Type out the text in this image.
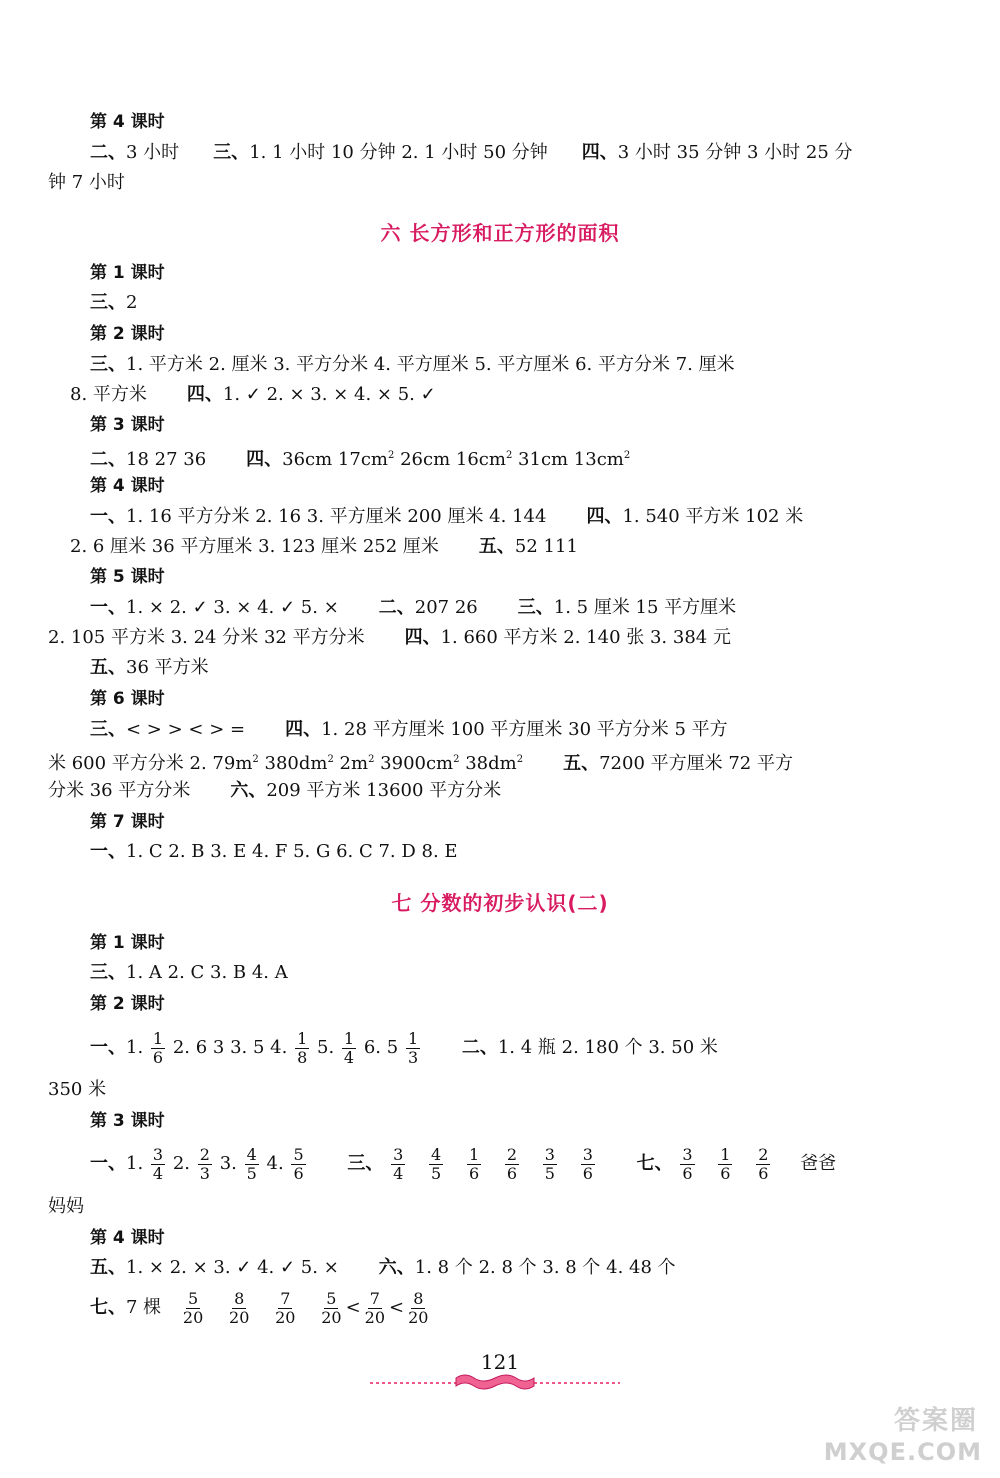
第 4 课时
二、3 小时 三、1. 1 小时 10 分钟 2. 1 小时 50 分钟 四、3 小时 35 分钟 3 小时 25 分
钟 7 小时
六 长方形和正方形的面积
第 1 课时
三、2
第 2 课时
三、1. 平方米 2. 厘米 3. 平方分米 4. 平方厘米 5. 平方厘米 6. 平方分米 7. 厘米
8. 平方米 四、1. ✓ 2. × 3. × 4. × 5. ✓
第 3 课时
二、18 27 36 四、36cm $17cm^2$ 26cm $16cm^2$ 31cm $13cm^2$
第 4 课时
一、1. 16 平方分米 2. 16 3. 平方厘米 200 厘米 4. 144 四、1. 540 平方米 102 米
2. 6 厘米 36 平方厘米 3. 123 厘米 252 厘米 五、52 111
第 5 课时
一、1. × 2. ✓ 3. × 4. ✓ 5. × 二、207 26 三、1. 5 厘米 15 平方厘米
2. 105 平方米 3. 24 分米 32 平方分米 四、1. 660 平方米 2. 140 张 3. 384 元
五、36 平方米
第 6 课时
三、< > > < > = 四、1. 28 平方厘米 100 平方厘米 30 平方分米 5 平方
米 600 平方分米 2. $79m^2$ $380dm^2$ $2m^2$ $3900cm^2$ $38dm^2$ 五、7200 平方厘米 72 平方
分米 36 平方分米 六、209 平方米 13600 平方分米
第 7 课时
一、1. C 2. B 3. E 4. F 5. G 6. C 7. D 8. E
七 分数的初步认识(二)
第 1 课时
三、1. A 2. C 3. B 4. A
第 2 课时
一、1. $\frac{1}{6} 2$. 6 3 3. 5 4. $\frac{1}{8} 5$. $\frac{1}{4} 6$. $5 \frac{1}{3}$ 二、1. 4 瓶 2. 180 个 3. 50 米
350 米
第 3 课时
一、1. $\frac{3}{4} 2$. $\frac{2}{3} 3$. $\frac{4}{5} 4$. $\frac{5}{6}$ 三、 $\frac{3}{4}$
$\frac{4}{5}$
$\frac{1}{6}$
$\frac{2}{6}$
$\frac{3}{5}$
$\frac{3}{6}$ 七、 $\frac{3}{6}$
$\frac{1}{6}$
$\frac{2}{6}$ 爸爸
妈妈
第 4 课时
五、1. × 2. × 3. ✓ 4. ✓ 5. × 六、1. 8 个 2. 8 个 3. 8 个 4. 48 个
七、7 棵 $\frac{5}{20}$
$\frac{8}{20}$
$\frac{7}{20}$
$\frac{5}{20} < \frac{7}{20} < \frac{8}{20}$
121
答案圈
MXQE.COM
